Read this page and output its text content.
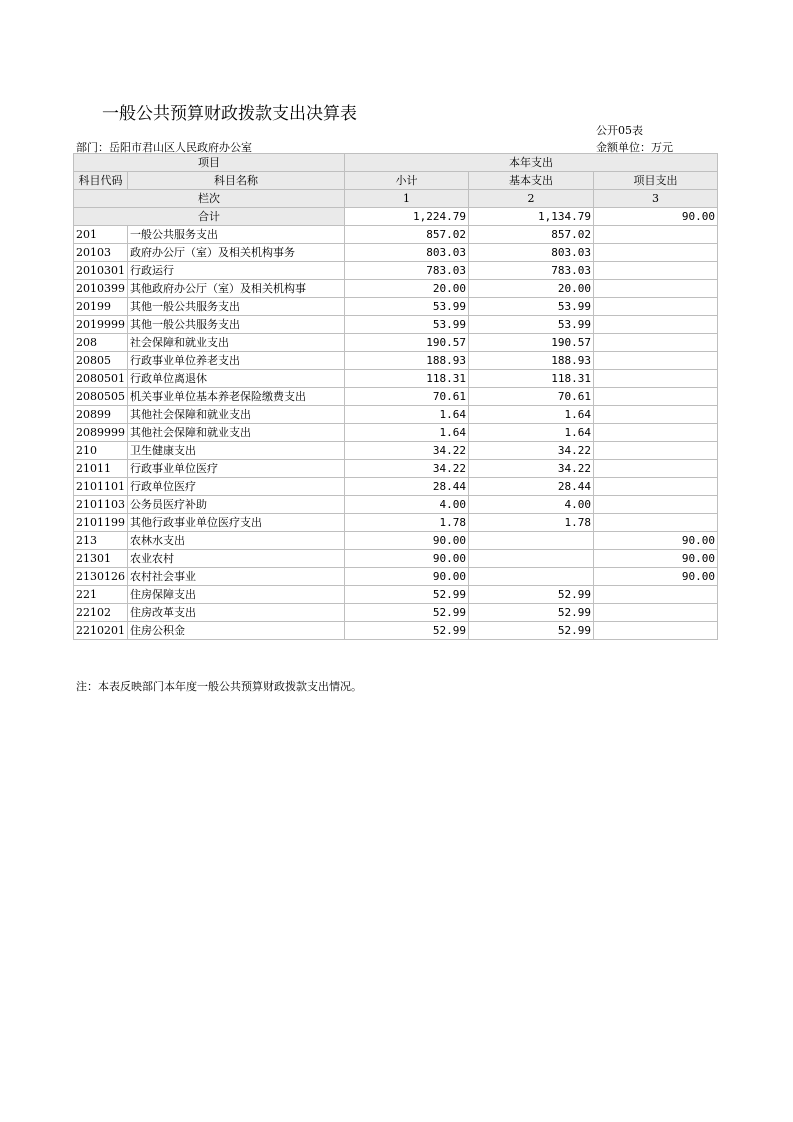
一般公共预算财政拨款支出决算表
公开05表
部门：岳阳市君山区人民政府办公室	金额单位：万元
项目		本年支出		
科目代码	科目名称	小计	基本支出	项目支出
栏次		1	2	3
合计		1,224.79	1,134.79	90.00
201	一般公共服务支出	857.02	857.02	
20103	政府办公厅（室）及相关机构事务	803.03	803.03	
2010301	行政运行	783.03	783.03	
2010399	其他政府办公厅（室）及相关机构事	20.00	20.00	
20199	其他一般公共服务支出	53.99	53.99	
2019999	其他一般公共服务支出	53.99	53.99	
208	社会保障和就业支出	190.57	190.57	
20805	行政事业单位养老支出	188.93	188.93	
2080501	行政单位离退休	118.31	118.31	
2080505	机关事业单位基本养老保险缴费支出	70.61	70.61	
20899	其他社会保障和就业支出	1.64	1.64	
2089999	其他社会保障和就业支出	1.64	1.64	
210	卫生健康支出	34.22	34.22	
21011	行政事业单位医疗	34.22	34.22	
2101101	行政单位医疗	28.44	28.44	
2101103	公务员医疗补助	4.00	4.00	
2101199	其他行政事业单位医疗支出	1.78	1.78	
213	农林水支出	90.00		90.00
21301	农业农村	90.00		90.00
2130126	农村社会事业	90.00		90.00
221	住房保障支出	52.99	52.99	
22102	住房改革支出	52.99	52.99	
2210201	住房公积金	52.99	52.99	
注：本表反映部门本年度一般公共预算财政拨款支出情况。
